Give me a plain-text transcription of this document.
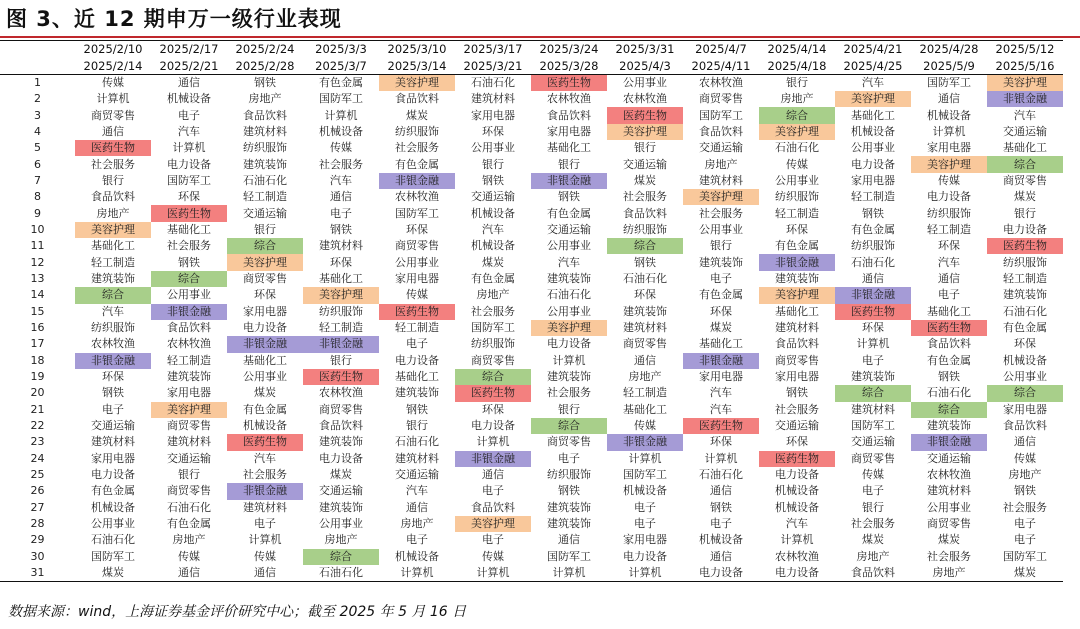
图 3、近 12 期申万一级行业表现
	2025/2/10	2025/2/17	2025/2/24	2025/3/3	2025/3/10	2025/3/17	2025/3/24	2025/3/31	2025/4/7	2025/4/14	2025/4/21	2025/4/28	2025/5/12
	2025/2/14	2025/2/21	2025/2/28	2025/3/7	2025/3/14	2025/3/21	2025/3/28	2025/4/3	2025/4/11	2025/4/18	2025/4/25	2025/5/9	2025/5/16
1	传媒	通信	钢铁	有色金属	美容护理	石油石化	医药生物	公用事业	农林牧渔	银行	汽车	国防军工	美容护理
2	计算机	机械设备	房地产	国防军工	食品饮料	建筑材料	农林牧渔	农林牧渔	商贸零售	房地产	美容护理	通信	非银金融
3	商贸零售	电子	食品饮料	计算机	煤炭	家用电器	食品饮料	医药生物	国防军工	综合	基础化工	机械设备	汽车
4	通信	汽车	建筑材料	机械设备	纺织服饰	环保	家用电器	美容护理	食品饮料	美容护理	机械设备	计算机	交通运输
5	医药生物	计算机	纺织服饰	传媒	社会服务	公用事业	基础化工	银行	交通运输	石油石化	公用事业	家用电器	基础化工
6	社会服务	电力设备	建筑装饰	社会服务	有色金属	银行	银行	交通运输	房地产	传媒	电力设备	美容护理	综合
7	银行	国防军工	石油石化	汽车	非银金融	钢铁	非银金融	煤炭	建筑材料	公用事业	家用电器	传媒	商贸零售
8	食品饮料	环保	轻工制造	通信	农林牧渔	交通运输	钢铁	社会服务	美容护理	纺织服饰	轻工制造	电力设备	煤炭
9	房地产	医药生物	交通运输	电子	国防军工	机械设备	有色金属	食品饮料	社会服务	轻工制造	钢铁	纺织服饰	银行
10	美容护理	基础化工	银行	钢铁	环保	汽车	交通运输	纺织服饰	公用事业	环保	有色金属	轻工制造	电力设备
11	基础化工	社会服务	综合	建筑材料	商贸零售	机械设备	公用事业	综合	银行	有色金属	纺织服饰	环保	医药生物
12	轻工制造	钢铁	美容护理	环保	公用事业	煤炭	汽车	钢铁	建筑装饰	非银金融	石油石化	汽车	纺织服饰
13	建筑装饰	综合	商贸零售	基础化工	家用电器	有色金属	建筑装饰	石油石化	电子	建筑装饰	通信	通信	轻工制造
14	综合	公用事业	环保	美容护理	传媒	房地产	石油石化	环保	有色金属	美容护理	非银金融	电子	建筑装饰
15	汽车	非银金融	家用电器	纺织服饰	医药生物	社会服务	公用事业	建筑装饰	环保	基础化工	医药生物	基础化工	石油石化
16	纺织服饰	食品饮料	电力设备	轻工制造	轻工制造	国防军工	美容护理	建筑材料	煤炭	建筑材料	环保	医药生物	有色金属
17	农林牧渔	农林牧渔	非银金融	非银金融	电子	纺织服饰	电力设备	商贸零售	基础化工	食品饮料	计算机	食品饮料	环保
18	非银金融	轻工制造	基础化工	银行	电力设备	商贸零售	计算机	通信	非银金融	商贸零售	电子	有色金属	机械设备
19	环保	建筑装饰	公用事业	医药生物	基础化工	综合	建筑装饰	房地产	家用电器	家用电器	建筑装饰	钢铁	公用事业
20	钢铁	家用电器	煤炭	农林牧渔	建筑装饰	医药生物	社会服务	轻工制造	汽车	钢铁	综合	石油石化	综合
21	电子	美容护理	有色金属	商贸零售	钢铁	环保	银行	基础化工	汽车	社会服务	建筑材料	综合	家用电器
22	交通运输	商贸零售	机械设备	食品饮料	银行	电力设备	综合	传媒	医药生物	交通运输	国防军工	建筑装饰	食品饮料
23	建筑材料	建筑材料	医药生物	建筑装饰	石油石化	计算机	商贸零售	非银金融	环保	环保	交通运输	非银金融	通信
24	家用电器	交通运输	汽车	电力设备	建筑材料	非银金融	电子	计算机	计算机	医药生物	商贸零售	交通运输	传媒
25	电力设备	银行	社会服务	煤炭	交通运输	通信	纺织服饰	国防军工	石油石化	电力设备	传媒	农林牧渔	房地产
26	有色金属	商贸零售	非银金融	交通运输	汽车	电子	钢铁	机械设备	通信	机械设备	电子	建筑材料	钢铁
27	机械设备	石油石化	建筑材料	建筑装饰	通信	食品饮料	建筑装饰	电子	钢铁	机械设备	银行	公用事业	社会服务
28	公用事业	有色金属	电子	公用事业	房地产	美容护理	建筑装饰	电子	电子	汽车	社会服务	商贸零售	电子
29	石油石化	房地产	计算机	房地产	电子	电子	通信	家用电器	机械设备	计算机	煤炭	煤炭	电子
30	国防军工	传媒	传媒	综合	机械设备	传媒	国防军工	电力设备	通信	农林牧渔	房地产	社会服务	国防军工
31	煤炭	通信	通信	石油石化	计算机	计算机	计算机	计算机	电力设备	电力设备	食品饮料	房地产	煤炭
数据来源：wind，上海证券基金评价研究中心；截至 2025 年 5 月 16 日
